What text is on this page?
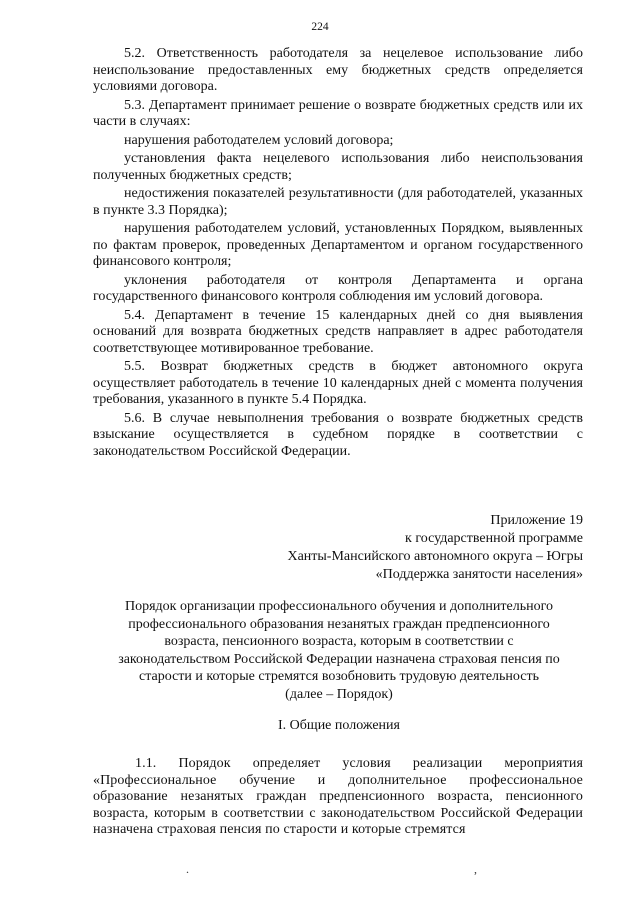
224

5.2. Ответственность работодателя за нецелевое использование либо неиспользование предоставленных ему бюджетных средств определяется условиями договора.

5.3. Департамент принимает решение о возврате бюджетных средств или их части в случаях:

нарушения работодателем условий договора;

установления факта нецелевого использования либо неиспользования полученных бюджетных средств;

недостижения показателей результативности (для работодателей, указанных в пункте 3.3 Порядка);

нарушения работодателем условий, установленных Порядком, выявленных по фактам проверок, проведенных Департаментом и органом государственного финансового контроля;

уклонения работодателя от контроля Департамента и органа государственного финансового контроля соблюдения им условий договора.

5.4. Департамент в течение 15 календарных дней со дня выявления оснований для возврата бюджетных средств направляет в адрес работодателя соответствующее мотивированное требование.

5.5. Возврат бюджетных средств в бюджет автономного округа осуществляет работодатель в течение 10 календарных дней с момента получения требования, указанного в пункте 5.4 Порядка.

5.6. В случае невыполнения требования о возврате бюджетных средств взыскание осуществляется в судебном порядке в соответствии с законодательством Российской Федерации.

Приложение 19
к государственной программе
Ханты-Мансийского автономного округа – Югры
«Поддержка занятости населения»
Порядок организации профессионального обучения и дополнительного
профессионального образования незанятых граждан предпенсионного
возраста, пенсионного возраста, которым в соответствии с
законодательством Российской Федерации назначена страховая пенсия по
старости и которые стремятся возобновить трудовую деятельность
(далее – Порядок)
I. Общие положения

1.1. Порядок определяет условия реализации мероприятия «Профессиональное обучение и дополнительное профессиональное образование незанятых граждан предпенсионного возраста, пенсионного возраста, которым в соответствии с законодательством Российской Федерации назначена страховая пенсия по старости и которые стремятся

.	,
